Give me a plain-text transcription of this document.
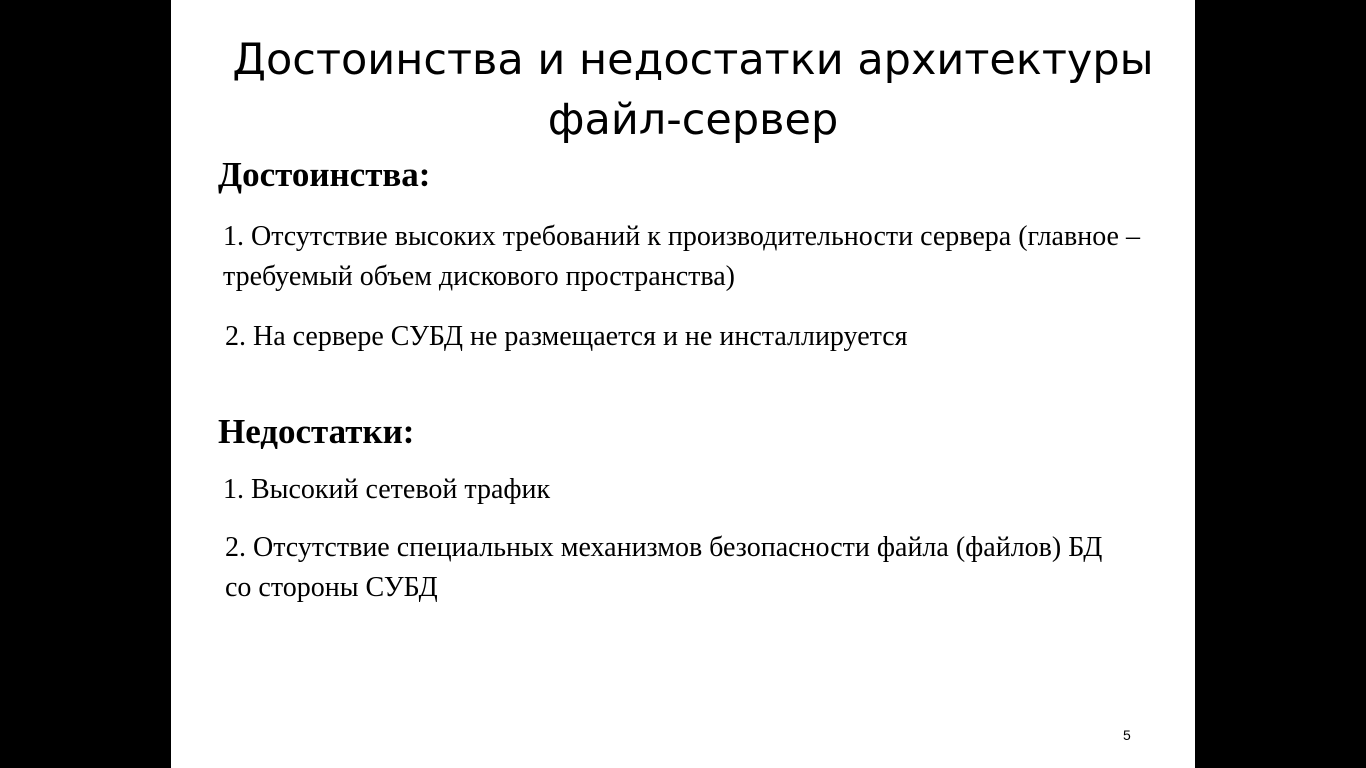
Достоинства и недостатки архитектуры
файл-сервер
Достоинства:

1. Отсутствие высоких требований к производительности сервера (главное – требуемый объем дискового пространства)

2. На сервере СУБД не размещается и не инсталлируется

Недостатки:

1. Высокий сетевой трафик

2. Отсутствие специальных механизмов безопасности файла (файлов) БД со стороны СУБД

5
